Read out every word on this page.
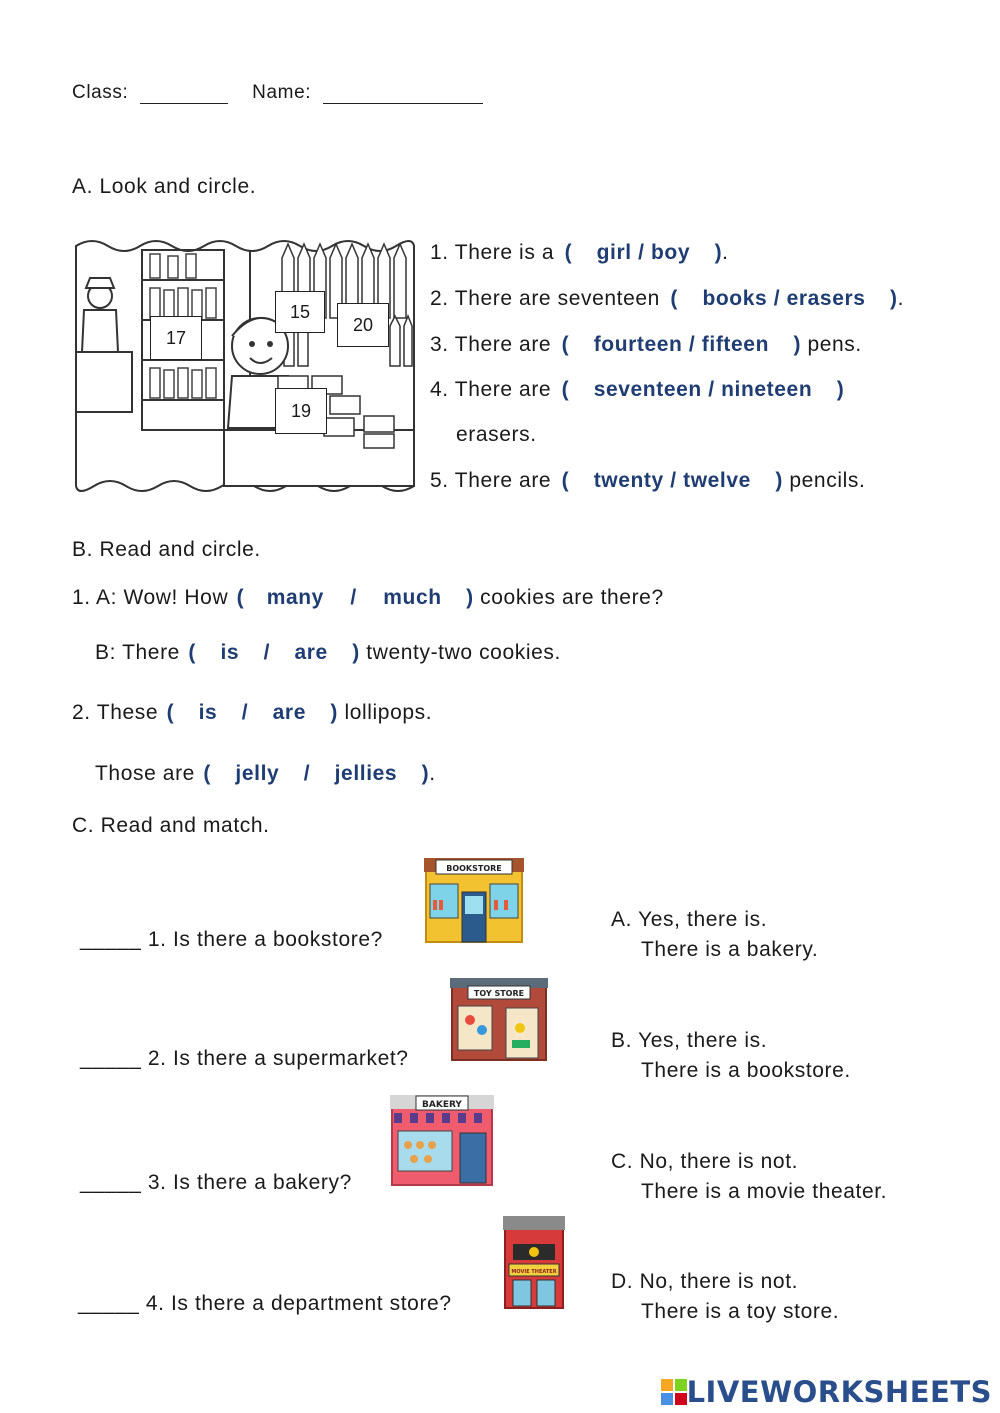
Class:	Name:
A. Look and circle.
15
20
17
19
1. There is a ( girl / boy ).
2. There are seventeen ( books / erasers ).
3. There are ( fourteen / fifteen ) pens.
4. There are ( seventeen / nineteen )
erasers.
5. There are ( twenty / twelve ) pencils.
B. Read and circle.
1. A: Wow! How ( many / much ) cookies are there?
B: There ( is / are ) twenty-two cookies.
2. These ( is / are ) lollipops.
Those are ( jelly / jellies ).
C. Read and match.
_____ 1. Is there a bookstore?
_____ 2. Is there a supermarket?
_____ 3. Is there a bakery?
_____ 4. Is there a department store?
BOOKSTORE
TOY STORE
BAKERY
MOVIE THEATER
A. Yes, there is.
There is a bakery.
B. Yes, there is.
There is a bookstore.
C. No, there is not.
There is a movie theater.
D. No, there is not.
There is a toy store.
LIVEWORKSHEETS
